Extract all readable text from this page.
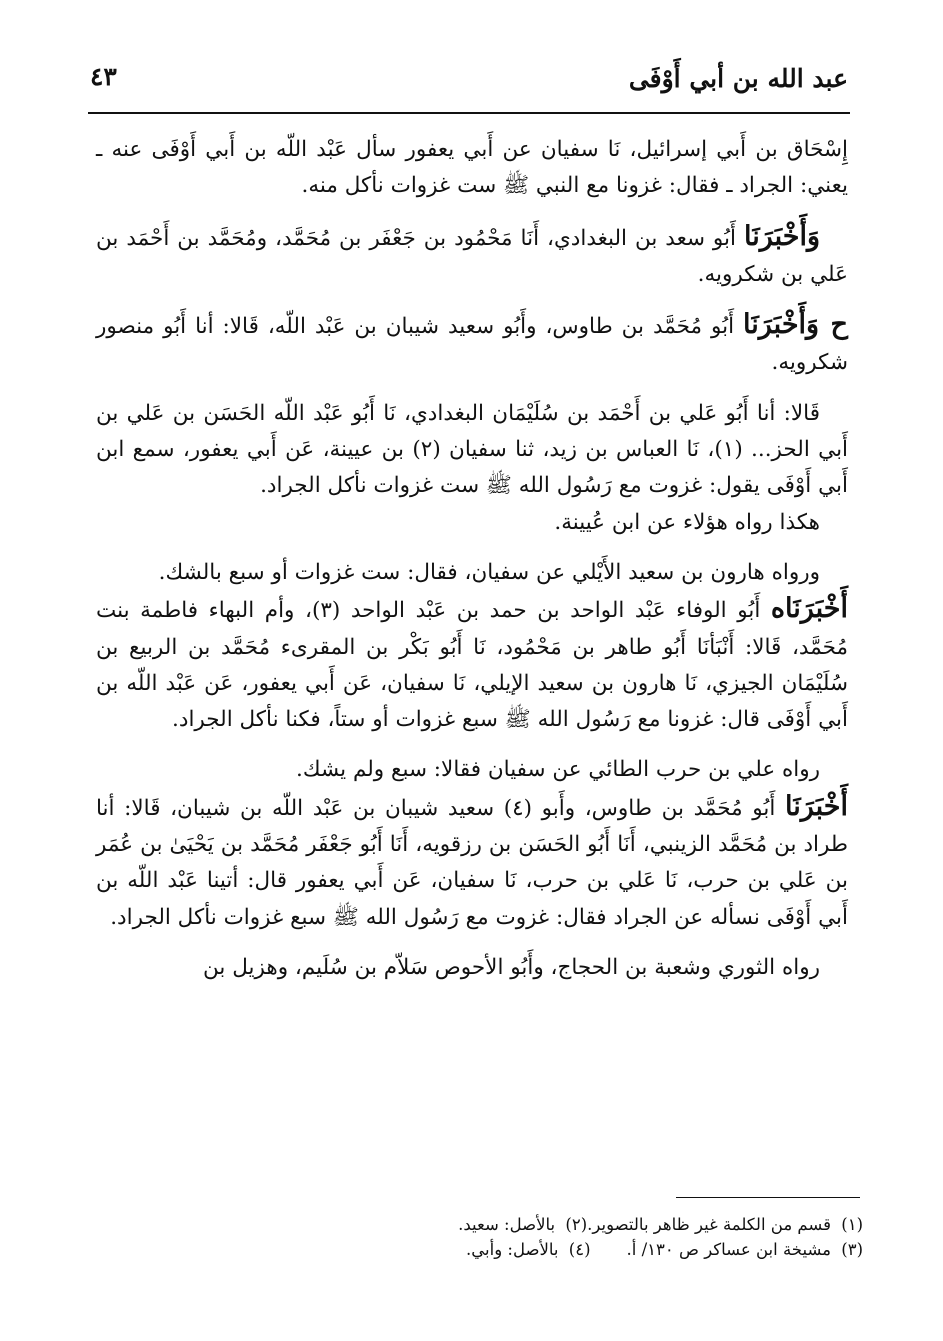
عبد الله بن أبي أَوْفَى
٤٣

إِسْحَاق بن أَبي إسرائيل، نَا سفيان عن أَبي يعفور سأل عَبْد اللّه بن أَبي أَوْفَى عنه ـ يعني: الجراد ـ فقال: غزونا مع النبي ﷺ ست غزوات نأكل منه.

وَأَخْبَرَنَا أَبُو سعد بن البغدادي، أَنَا مَحْمُود بن جَعْفَر بن مُحَمَّد، ومُحَمَّد بن أَحْمَد بن عَلي بن شكرويه.

ح وَأَخْبَرَنَا أَبُو مُحَمَّد بن طاوس، وأَبُو سعيد شيبان بن عَبْد اللّه، قَالا: أنا أَبُو منصور شكرويه.

قَالا: أنا أَبُو عَلي بن أَحْمَد بن سُلَيْمَان البغدادي، نَا أَبُو عَبْد اللّه الحَسَن بن عَلي بن أَبي الحز... (١)، نَا العباس بن زيد، ثنا سفيان (٢) بن عيينة، عَن أَبي يعفور، سمع ابن أَبي أَوْفَى يقول: غزوت مع رَسُول الله ﷺ ست غزوات نأكل الجراد.

هكذا رواه هؤلاء عن ابن عُيينة.

ورواه هارون بن سعيد الأَيْلي عن سفيان، فقال: ست غزوات أو سبع بالشك.

أَخْبَرَنَاه أَبُو الوفاء عَبْد الواحد بن حمد بن عَبْد الواحد (٣)، وأم البهاء فاطمة بنت مُحَمَّد، قَالا: أَنْبَأنَا أَبُو طاهر بن مَحْمُود، نَا أَبُو بَكْر بن المقرىء مُحَمَّد بن الربيع بن سُلَيْمَان الجيزي، نَا هارون بن سعيد الإيلي، نَا سفيان، عَن أَبي يعفور، عَن عَبْد اللّه بن أَبي أَوْفَى قال: غزونا مع رَسُول الله ﷺ سبع غزوات أو ستاً، فكنا نأكل الجراد.

رواه علي بن حرب الطائي عن سفيان فقالا: سبع ولم يشك.

أَخْبَرَنَا أَبُو مُحَمَّد بن طاوس، وأَبو (٤) سعيد شيبان بن عَبْد اللّه بن شيبان، قَالا: أنا طراد بن مُحَمَّد الزينبي، أَنَا أَبُو الحَسَن بن رزقويه، أَنَا أَبُو جَعْفَر مُحَمَّد بن يَحْيَىٰ بن عُمَر بن عَلي بن حرب، نَا عَلي بن حرب، نَا سفيان، عَن أَبي يعفور قال: أتينا عَبْد اللّه بن أَبي أَوْفَى نسأله عن الجراد فقال: غزوت مع رَسُول الله ﷺ سبع غزوات نأكل الجراد.

رواه الثوري وشعبة بن الحجاج، وأَبُو الأحوص سَلاّم بن سُلَيم، وهزيل بن

(١)قسم من الكلمة غير ظاهر بالتصوير.
(٢)بالأصل: سعيد.
(٣)مشيخة ابن عساكر ص ١٣٠/ أ.
(٤)بالأصل: وأبي.
